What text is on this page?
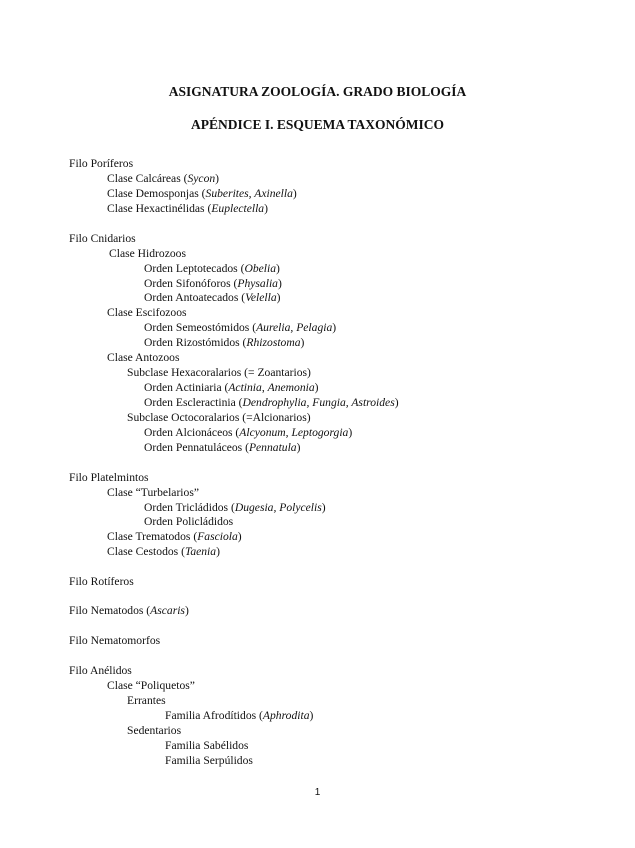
ASIGNATURA ZOOLOGÍA. GRADO BIOLOGÍA
APÉNDICE I. ESQUEMA TAXONÓMICO
Filo Poríferos
Clase Calcáreas (Sycon)
Clase Demosponjas (Suberites, Axinella)
Clase Hexactinélidas (Euplectella)
Filo Cnidarios
Clase Hidrozoos
Orden Leptotecados (Obelia)
Orden Sifonóforos (Physalia)
Orden Antoatecados (Velella)
Clase Escifozoos
Orden Semeostómidos (Aurelia, Pelagia)
Orden Rizostómidos (Rhizostoma)
Clase Antozoos
Subclase Hexacoralarios (= Zoantarios)
Orden Actiniaria (Actinia, Anemonia)
Orden Escleractinia (Dendrophylia, Fungia, Astroides)
Subclase Octocoralarios (=Alcionarios)
Orden Alcionáceos (Alcyonum, Leptogorgia)
Orden Pennatuláceos (Pennatula)
Filo Platelmintos
Clase “Turbelarios”
Orden Tricládidos (Dugesia, Polycelis)
Orden Policládidos
Clase Trematodos (Fasciola)
Clase Cestodos (Taenia)
Filo Rotíferos
Filo Nematodos (Ascaris)
Filo Nematomorfos
Filo Anélidos
Clase “Poliquetos”
Errantes
Familia Afrodítidos (Aphrodita)
Sedentarios
Familia Sabélidos
Familia Serpúlidos
1
